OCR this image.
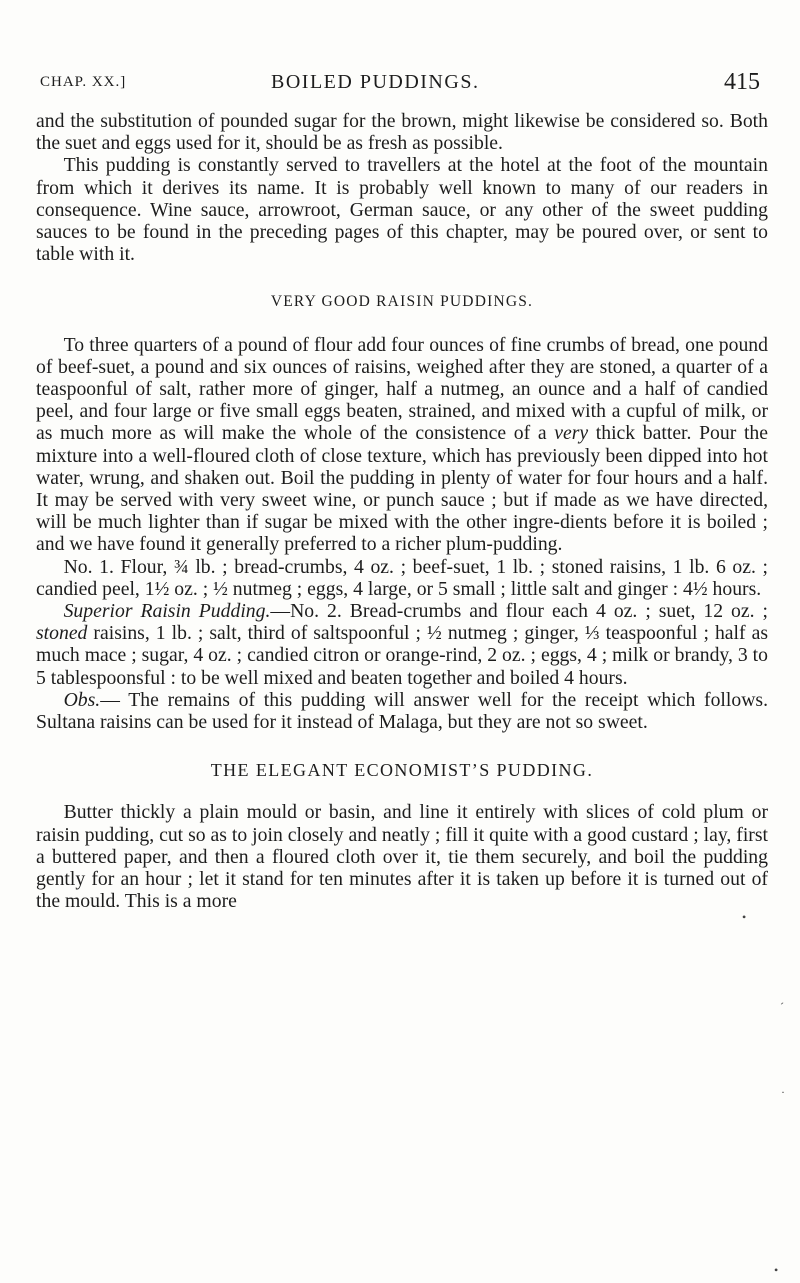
CHAP. XX.]	BOILED PUDDINGS.	415

and the substitution of pounded sugar for the brown, might likewise be considered so. Both the suet and eggs used for it, should be as fresh as possible.

This pudding is constantly served to travellers at the hotel at the foot of the mountain from which it derives its name. It is probably well known to many of our readers in consequence. Wine sauce, arrowroot, German sauce, or any other of the sweet pudding sauces to be found in the preceding pages of this chapter, may be poured over, or sent to table with it.

VERY GOOD RAISIN PUDDINGS.

To three quarters of a pound of flour add four ounces of fine crumbs of bread, one pound of beef-suet, a pound and six ounces of raisins, weighed after they are stoned, a quarter of a teaspoonful of salt, rather more of ginger, half a nutmeg, an ounce and a half of candied peel, and four large or five small eggs beaten, strained, and mixed with a cupful of milk, or as much more as will make the whole of the consistence of a very thick batter. Pour the mixture into a well-floured cloth of close texture, which has previously been dipped into hot water, wrung, and shaken out. Boil the pudding in plenty of water for four hours and a half. It may be served with very sweet wine, or punch sauce ; but if made as we have directed, will be much lighter than if sugar be mixed with the other ingre-dients before it is boiled ; and we have found it generally preferred to a richer plum-pudding.

No. 1. Flour, ¾ lb. ; bread-crumbs, 4 oz. ; beef-suet, 1 lb. ; stoned raisins, 1 lb. 6 oz. ; candied peel, 1½ oz. ; ½ nutmeg ; eggs, 4 large, or 5 small ; little salt and ginger : 4½ hours.

Superior Raisin Pudding.—No. 2. Bread-crumbs and flour each 4 oz. ; suet, 12 oz. ; stoned raisins, 1 lb. ; salt, third of saltspoonful ; ½ nutmeg ; ginger, ⅓ teaspoonful ; half as much mace ; sugar, 4 oz. ; candied citron or orange-rind, 2 oz. ; eggs, 4 ; milk or brandy, 3 to 5 tablespoonsful : to be well mixed and beaten together and boiled 4 hours.

Obs.— The remains of this pudding will answer well for the receipt which follows. Sultana raisins can be used for it instead of Malaga, but they are not so sweet.

THE ELEGANT ECONOMIST’S PUDDING.

Butter thickly a plain mould or basin, and line it entirely with slices of cold plum or raisin pudding, cut so as to join closely and neatly ; fill it quite with a good custard ; lay, first a buttered paper, and then a floured cloth over it, tie them securely, and boil the pudding gently for an hour ; let it stand for ten minutes after it is taken up before it is turned out of the mould. This is a more

•
ˊ
·
•
